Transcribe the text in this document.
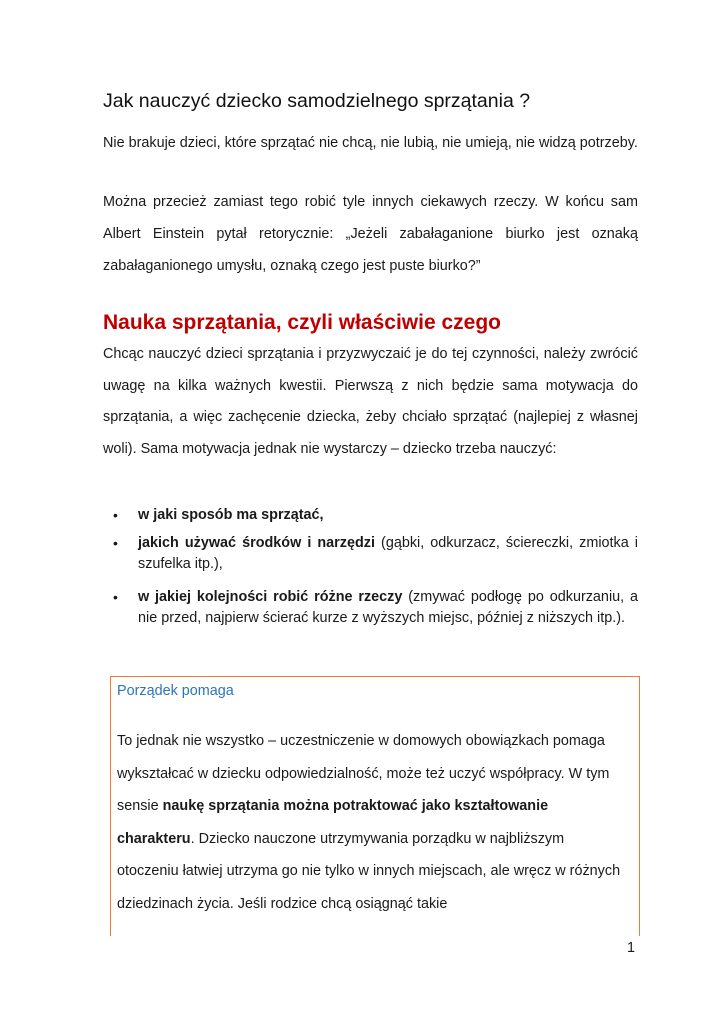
Jak nauczyć dziecko samodzielnego sprzątania ?

Nie brakuje dzieci, które sprzątać nie chcą, nie lubią, nie umieją, nie widzą potrzeby.

Można przecież zamiast tego robić tyle innych ciekawych rzeczy. W końcu sam Albert Einstein pytał retorycznie: „Jeżeli zabałaganione biurko jest oznaką zabałaganionego umysłu, oznaką czego jest puste biurko?”

Nauka sprzątania, czyli właściwie czego

Chcąc nauczyć dzieci sprzątania i przyzwyczaić je do tej czynności, należy zwrócić uwagę na kilka ważnych kwestii. Pierwszą z nich będzie sama motywacja do sprzątania, a więc zachęcenie dziecka, żeby chciało sprzątać (najlepiej z własnej woli). Sama motywacja jednak nie wystarczy – dziecko trzeba nauczyć:

• w jaki sposób ma sprzątać,
• jakich używać środków i narzędzi (gąbki, odkurzacz, ściereczki, zmiotka i szufelka itp.),
• w jakiej kolejności robić różne rzeczy (zmywać podłogę po odkurzaniu, a nie przed, najpierw ścierać kurze z wyższych miejsc, później z niższych itp.).

Porządek pomaga

To jednak nie wszystko – uczestniczenie w domowych obowiązkach pomaga wykształcać w dziecku odpowiedzialność, może też uczyć współpracy. W tym sensie naukę sprzątania można potraktować jako kształtowanie charakteru. Dziecko nauczone utrzymywania porządku w najbliższym otoczeniu łatwiej utrzyma go nie tylko w innych miejscach, ale wręcz w różnych dziedzinach życia. Jeśli rodzice chcą osiągnąć takie

1
